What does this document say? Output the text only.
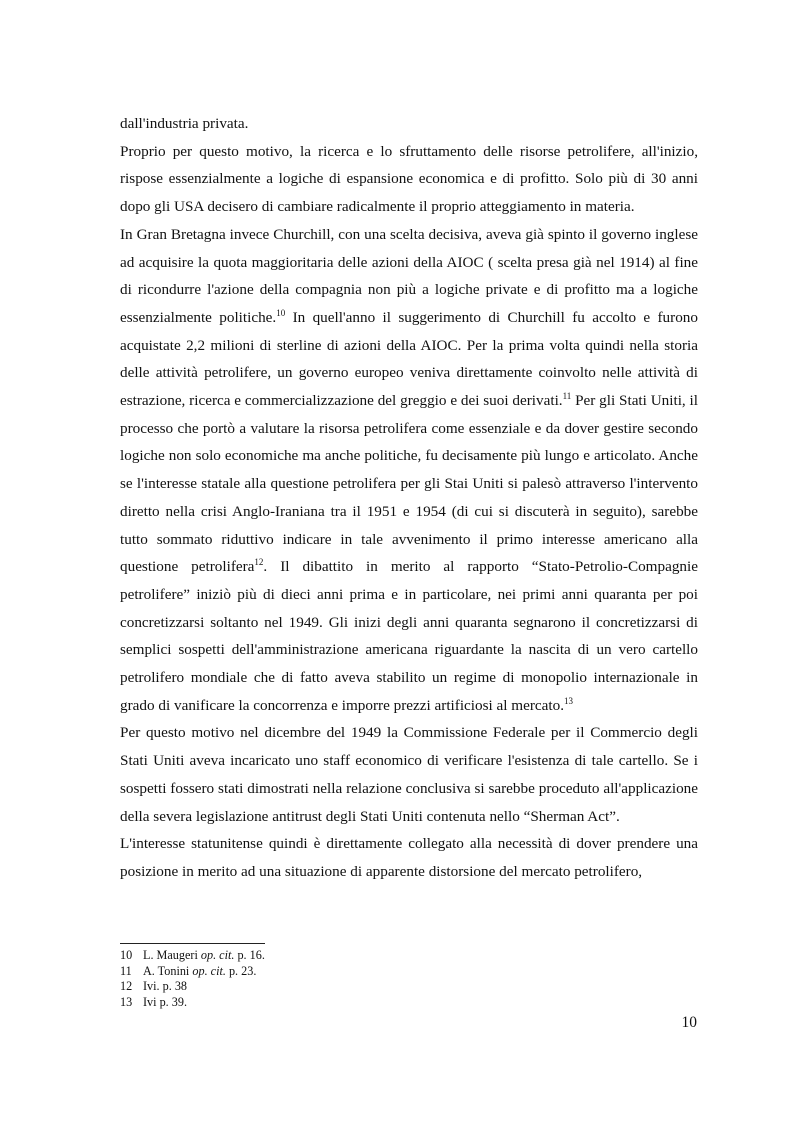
dall'industria privata.

Proprio per questo motivo, la ricerca e lo sfruttamento delle risorse petrolifere, all'inizio, rispose essenzialmente a logiche di espansione economica e di profitto. Solo più di 30 anni dopo gli USA decisero di cambiare radicalmente il proprio atteggiamento in materia.

In Gran Bretagna invece Churchill, con una scelta decisiva, aveva già spinto il governo inglese ad acquisire la quota maggioritaria delle azioni della AIOC ( scelta presa già nel 1914) al fine di ricondurre l'azione della compagnia non più a logiche private e di profitto ma a logiche essenzialmente politiche.$^{10}$ In quell'anno il suggerimento di Churchill fu accolto e furono acquistate 2,2 milioni di sterline di azioni della AIOC. Per la prima volta quindi nella storia delle attività petrolifere, un governo europeo veniva direttamente coinvolto nelle attività di estrazione, ricerca e commercializzazione del greggio e dei suoi derivati.$^{11}$ Per gli Stati Uniti, il processo che portò a valutare la risorsa petrolifera come essenziale e da dover gestire secondo logiche non solo economiche ma anche politiche, fu decisamente più lungo e articolato. Anche se l'interesse statale alla questione petrolifera per gli Stai Uniti si palesò attraverso l'intervento diretto nella crisi Anglo-Iraniana tra il 1951 e 1954 (di cui si discuterà in seguito), sarebbe tutto sommato riduttivo indicare in tale avvenimento il primo interesse americano alla questione petrolifera$^{12}$. Il dibattito in merito al rapporto “Stato-Petrolio-Compagnie petrolifere” iniziò più di dieci anni prima e in particolare, nei primi anni quaranta per poi concretizzarsi soltanto nel 1949. Gli inizi degli anni quaranta segnarono il concretizzarsi di semplici sospetti dell'amministrazione americana riguardante la nascita di un vero cartello petrolifero mondiale che di fatto aveva stabilito un regime di monopolio internazionale in grado di vanificare la concorrenza e imporre prezzi artificiosi al mercato.$^{13}$

Per questo motivo nel dicembre del 1949 la Commissione Federale per il Commercio degli Stati Uniti aveva incaricato uno staff economico di verificare l'esistenza di tale cartello. Se i sospetti fossero stati dimostrati nella relazione conclusiva si sarebbe proceduto all'applicazione della severa legislazione antitrust degli Stati Uniti contenuta nello “Sherman Act”.

L'interesse statunitense quindi è direttamente collegato alla necessità di dover prendere una posizione in merito ad una situazione di apparente distorsione del mercato petrolifero,

10 L. Maugeri op. cit. p. 16.
11 A. Tonini op. cit. p. 23.
12 Ivi. p. 38
13 Ivi p. 39.
10
